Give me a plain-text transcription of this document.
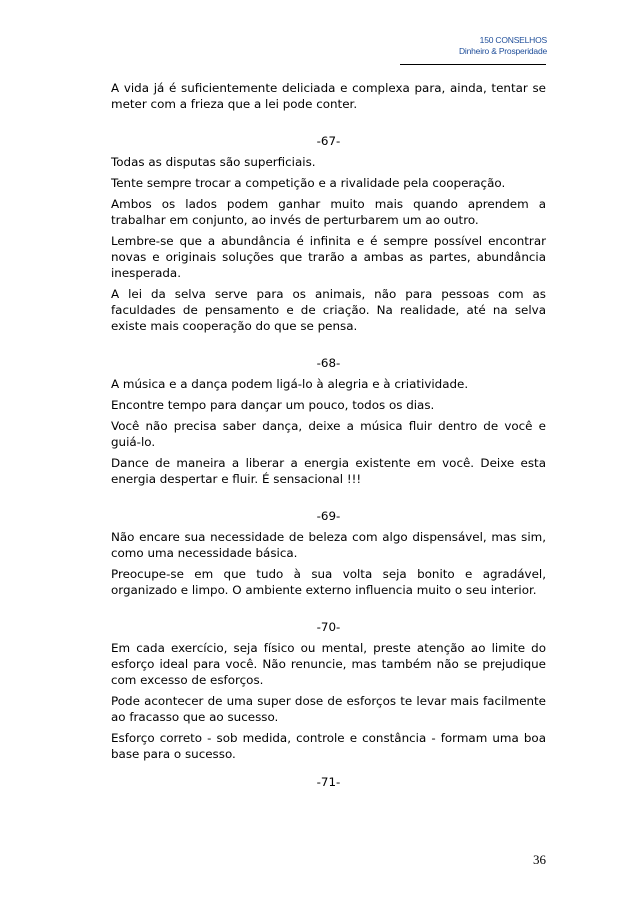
150 CONSELHOS
Dinheiro & Prosperidade

A vida já é suficientemente deliciada e complexa para, ainda, tentar se meter com a frieza que a lei pode conter.

-67-

Todas as disputas são superficiais.

Tente sempre trocar a competição e a rivalidade pela cooperação.

Ambos os lados podem ganhar muito mais quando aprendem a trabalhar em conjunto, ao invés de perturbarem um ao outro.

Lembre-se que a abundância é infinita e é sempre possível encontrar novas e originais soluções que trarão a ambas as partes, abundância inesperada.

A lei da selva serve para os animais, não para pessoas com as faculdades de pensamento e de criação. Na realidade, até na selva existe mais cooperação do que se pensa.

-68-

A música e a dança podem ligá-lo à alegria e à criatividade.

Encontre tempo para dançar um pouco, todos os dias.

Você não precisa saber dança, deixe a música fluir dentro de você e guiá-lo.

Dance de maneira a liberar a energia existente em você. Deixe esta energia despertar e fluir. É sensacional !!!

-69-

Não encare sua necessidade de beleza com algo dispensável, mas sim, como uma necessidade básica.

Preocupe-se em que tudo à sua volta seja bonito e agradável, organizado e limpo. O ambiente externo influencia muito o seu interior.

-70-

Em cada exercício, seja físico ou mental, preste atenção ao limite do esforço ideal para você. Não renuncie, mas também não se prejudique com excesso de esforços.

Pode acontecer de uma super dose de esforços te levar mais facilmente ao fracasso que ao sucesso.

Esforço correto - sob medida, controle e constância - formam uma boa base para o sucesso.

-71-
36
